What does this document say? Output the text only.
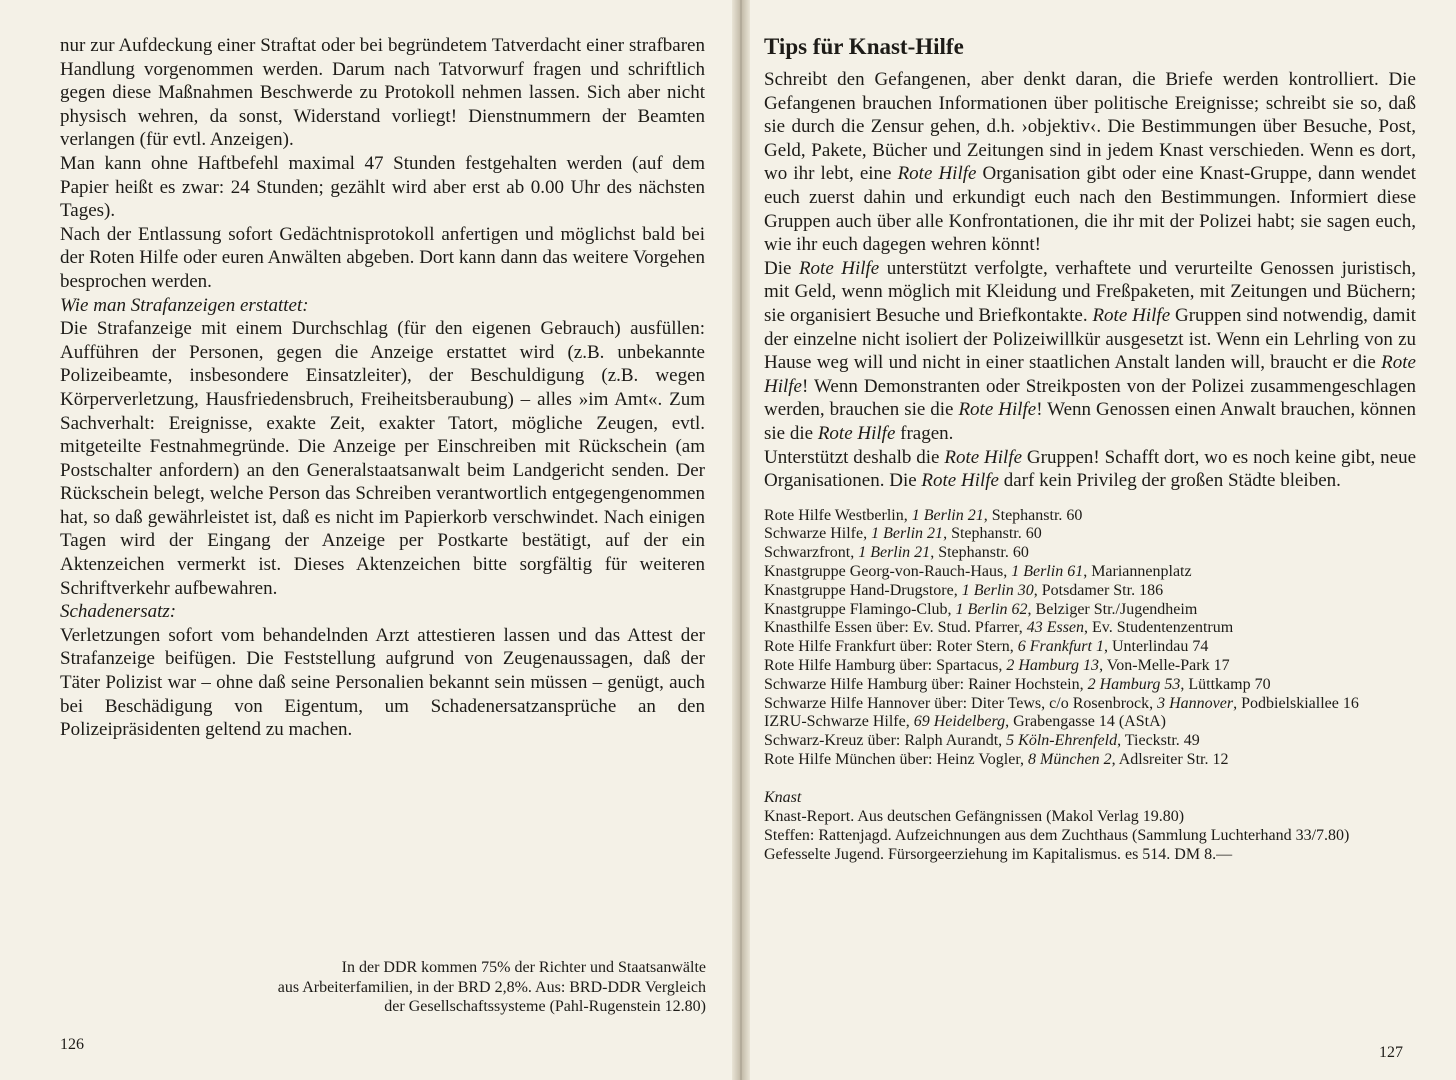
nur zur Aufdeckung einer Straftat oder bei begründetem Tatverdacht einer strafbaren Handlung vorgenommen werden. Darum nach Tatvorwurf fragen und schriftlich gegen diese Maßnahmen Beschwerde zu Protokoll nehmen lassen. Sich aber nicht physisch wehren, da sonst, Widerstand vorliegt! Dienstnummern der Beamten verlangen (für evtl. Anzeigen).

Man kann ohne Haftbefehl maximal 47 Stunden festgehalten werden (auf dem Papier heißt es zwar: 24 Stunden; gezählt wird aber erst ab 0.00 Uhr des nächsten Tages).

Nach der Entlassung sofort Gedächtnisprotokoll anfertigen und möglichst bald bei der Roten Hilfe oder euren Anwälten abgeben. Dort kann dann das weitere Vorgehen besprochen werden.

Wie man Strafanzeigen erstattet:

Die Strafanzeige mit einem Durchschlag (für den eigenen Gebrauch) ausfüllen: Aufführen der Personen, gegen die Anzeige erstattet wird (z.B. unbekannte Polizeibeamte, insbesondere Einsatzleiter), der Beschuldigung (z.B. wegen Körperverletzung, Hausfriedensbruch, Freiheitsberaubung) – alles »im Amt«. Zum Sachverhalt: Ereignisse, exakte Zeit, exakter Tatort, mögliche Zeugen, evtl. mitgeteilte Festnahmegründe. Die Anzeige per Einschreiben mit Rückschein (am Postschalter anfordern) an den Generalstaatsanwalt beim Landgericht senden. Der Rückschein belegt, welche Person das Schreiben verantwortlich entgegengenommen hat, so daß gewährleistet ist, daß es nicht im Papierkorb verschwindet. Nach einigen Tagen wird der Eingang der Anzeige per Postkarte bestätigt, auf der ein Aktenzeichen vermerkt ist. Dieses Aktenzeichen bitte sorgfältig für weiteren Schriftverkehr aufbewahren.

Schadenersatz:

Verletzungen sofort vom behandelnden Arzt attestieren lassen und das Attest der Strafanzeige beifügen. Die Feststellung aufgrund von Zeugenaussagen, daß der Täter Polizist war – ohne daß seine Personalien bekannt sein müssen – genügt, auch bei Beschädigung von Eigentum, um Schadenersatzansprüche an den Polizeipräsidenten geltend zu machen.

In der DDR kommen 75% der Richter und Staatsanwälte
aus Arbeiterfamilien, in der BRD 2,8%. Aus: BRD-DDR Vergleich
der Gesellschaftssysteme (Pahl-Rugenstein 12.80)
126
Tips für Knast-Hilfe

Schreibt den Gefangenen, aber denkt daran, die Briefe werden kontrolliert. Die Gefangenen brauchen Informationen über politische Ereignisse; schreibt sie so, daß sie durch die Zensur gehen, d.h. ›objektiv‹. Die Bestimmungen über Besuche, Post, Geld, Pakete, Bücher und Zeitungen sind in jedem Knast verschieden. Wenn es dort, wo ihr lebt, eine Rote Hilfe Organisation gibt oder eine Knast-Gruppe, dann wendet euch zuerst dahin und erkundigt euch nach den Bestimmungen. Informiert diese Gruppen auch über alle Konfrontationen, die ihr mit der Polizei habt; sie sagen euch, wie ihr euch dagegen wehren könnt!

Die Rote Hilfe unterstützt verfolgte, verhaftete und verurteilte Genossen juristisch, mit Geld, wenn möglich mit Kleidung und Freßpaketen, mit Zeitungen und Büchern; sie organisiert Besuche und Briefkontakte. Rote Hilfe Gruppen sind notwendig, damit der einzelne nicht isoliert der Polizeiwillkür ausgesetzt ist. Wenn ein Lehrling von zu Hause weg will und nicht in einer staatlichen Anstalt landen will, braucht er die Rote Hilfe! Wenn Demonstranten oder Streikposten von der Polizei zusammengeschlagen werden, brauchen sie die Rote Hilfe! Wenn Genossen einen Anwalt brauchen, können sie die Rote Hilfe fragen.

Unterstützt deshalb die Rote Hilfe Gruppen! Schafft dort, wo es noch keine gibt, neue Organisationen. Die Rote Hilfe darf kein Privileg der großen Städte bleiben.

Rote Hilfe Westberlin, 1 Berlin 21, Stephanstr. 60
Schwarze Hilfe, 1 Berlin 21, Stephanstr. 60
Schwarzfront, 1 Berlin 21, Stephanstr. 60
Knastgruppe Georg-von-Rauch-Haus, 1 Berlin 61, Mariannenplatz
Knastgruppe Hand-Drugstore, 1 Berlin 30, Potsdamer Str. 186
Knastgruppe Flamingo-Club, 1 Berlin 62, Belziger Str./Jugendheim
Knasthilfe Essen über: Ev. Stud. Pfarrer, 43 Essen, Ev. Studentenzentrum
Rote Hilfe Frankfurt über: Roter Stern, 6 Frankfurt 1, Unterlindau 74
Rote Hilfe Hamburg über: Spartacus, 2 Hamburg 13, Von-Melle-Park 17
Schwarze Hilfe Hamburg über: Rainer Hochstein, 2 Hamburg 53, Lüttkamp 70
Schwarze Hilfe Hannover über: Diter Tews, c/o Rosenbrock, 3 Hannover, Podbielskiallee 16
IZRU-Schwarze Hilfe, 69 Heidelberg, Grabengasse 14 (AStA)
Schwarz-Kreuz über: Ralph Aurandt, 5 Köln-Ehrenfeld, Tieckstr. 49
Rote Hilfe München über: Heinz Vogler, 8 München 2, Adlsreiter Str. 12
Knast
Knast-Report. Aus deutschen Gefängnissen (Makol Verlag 19.80)
Steffen: Rattenjagd. Aufzeichnungen aus dem Zuchthaus (Sammlung Luchterhand 33/7.80)
Gefesselte Jugend. Fürsorgeerziehung im Kapitalismus. es 514. DM 8.—
127
